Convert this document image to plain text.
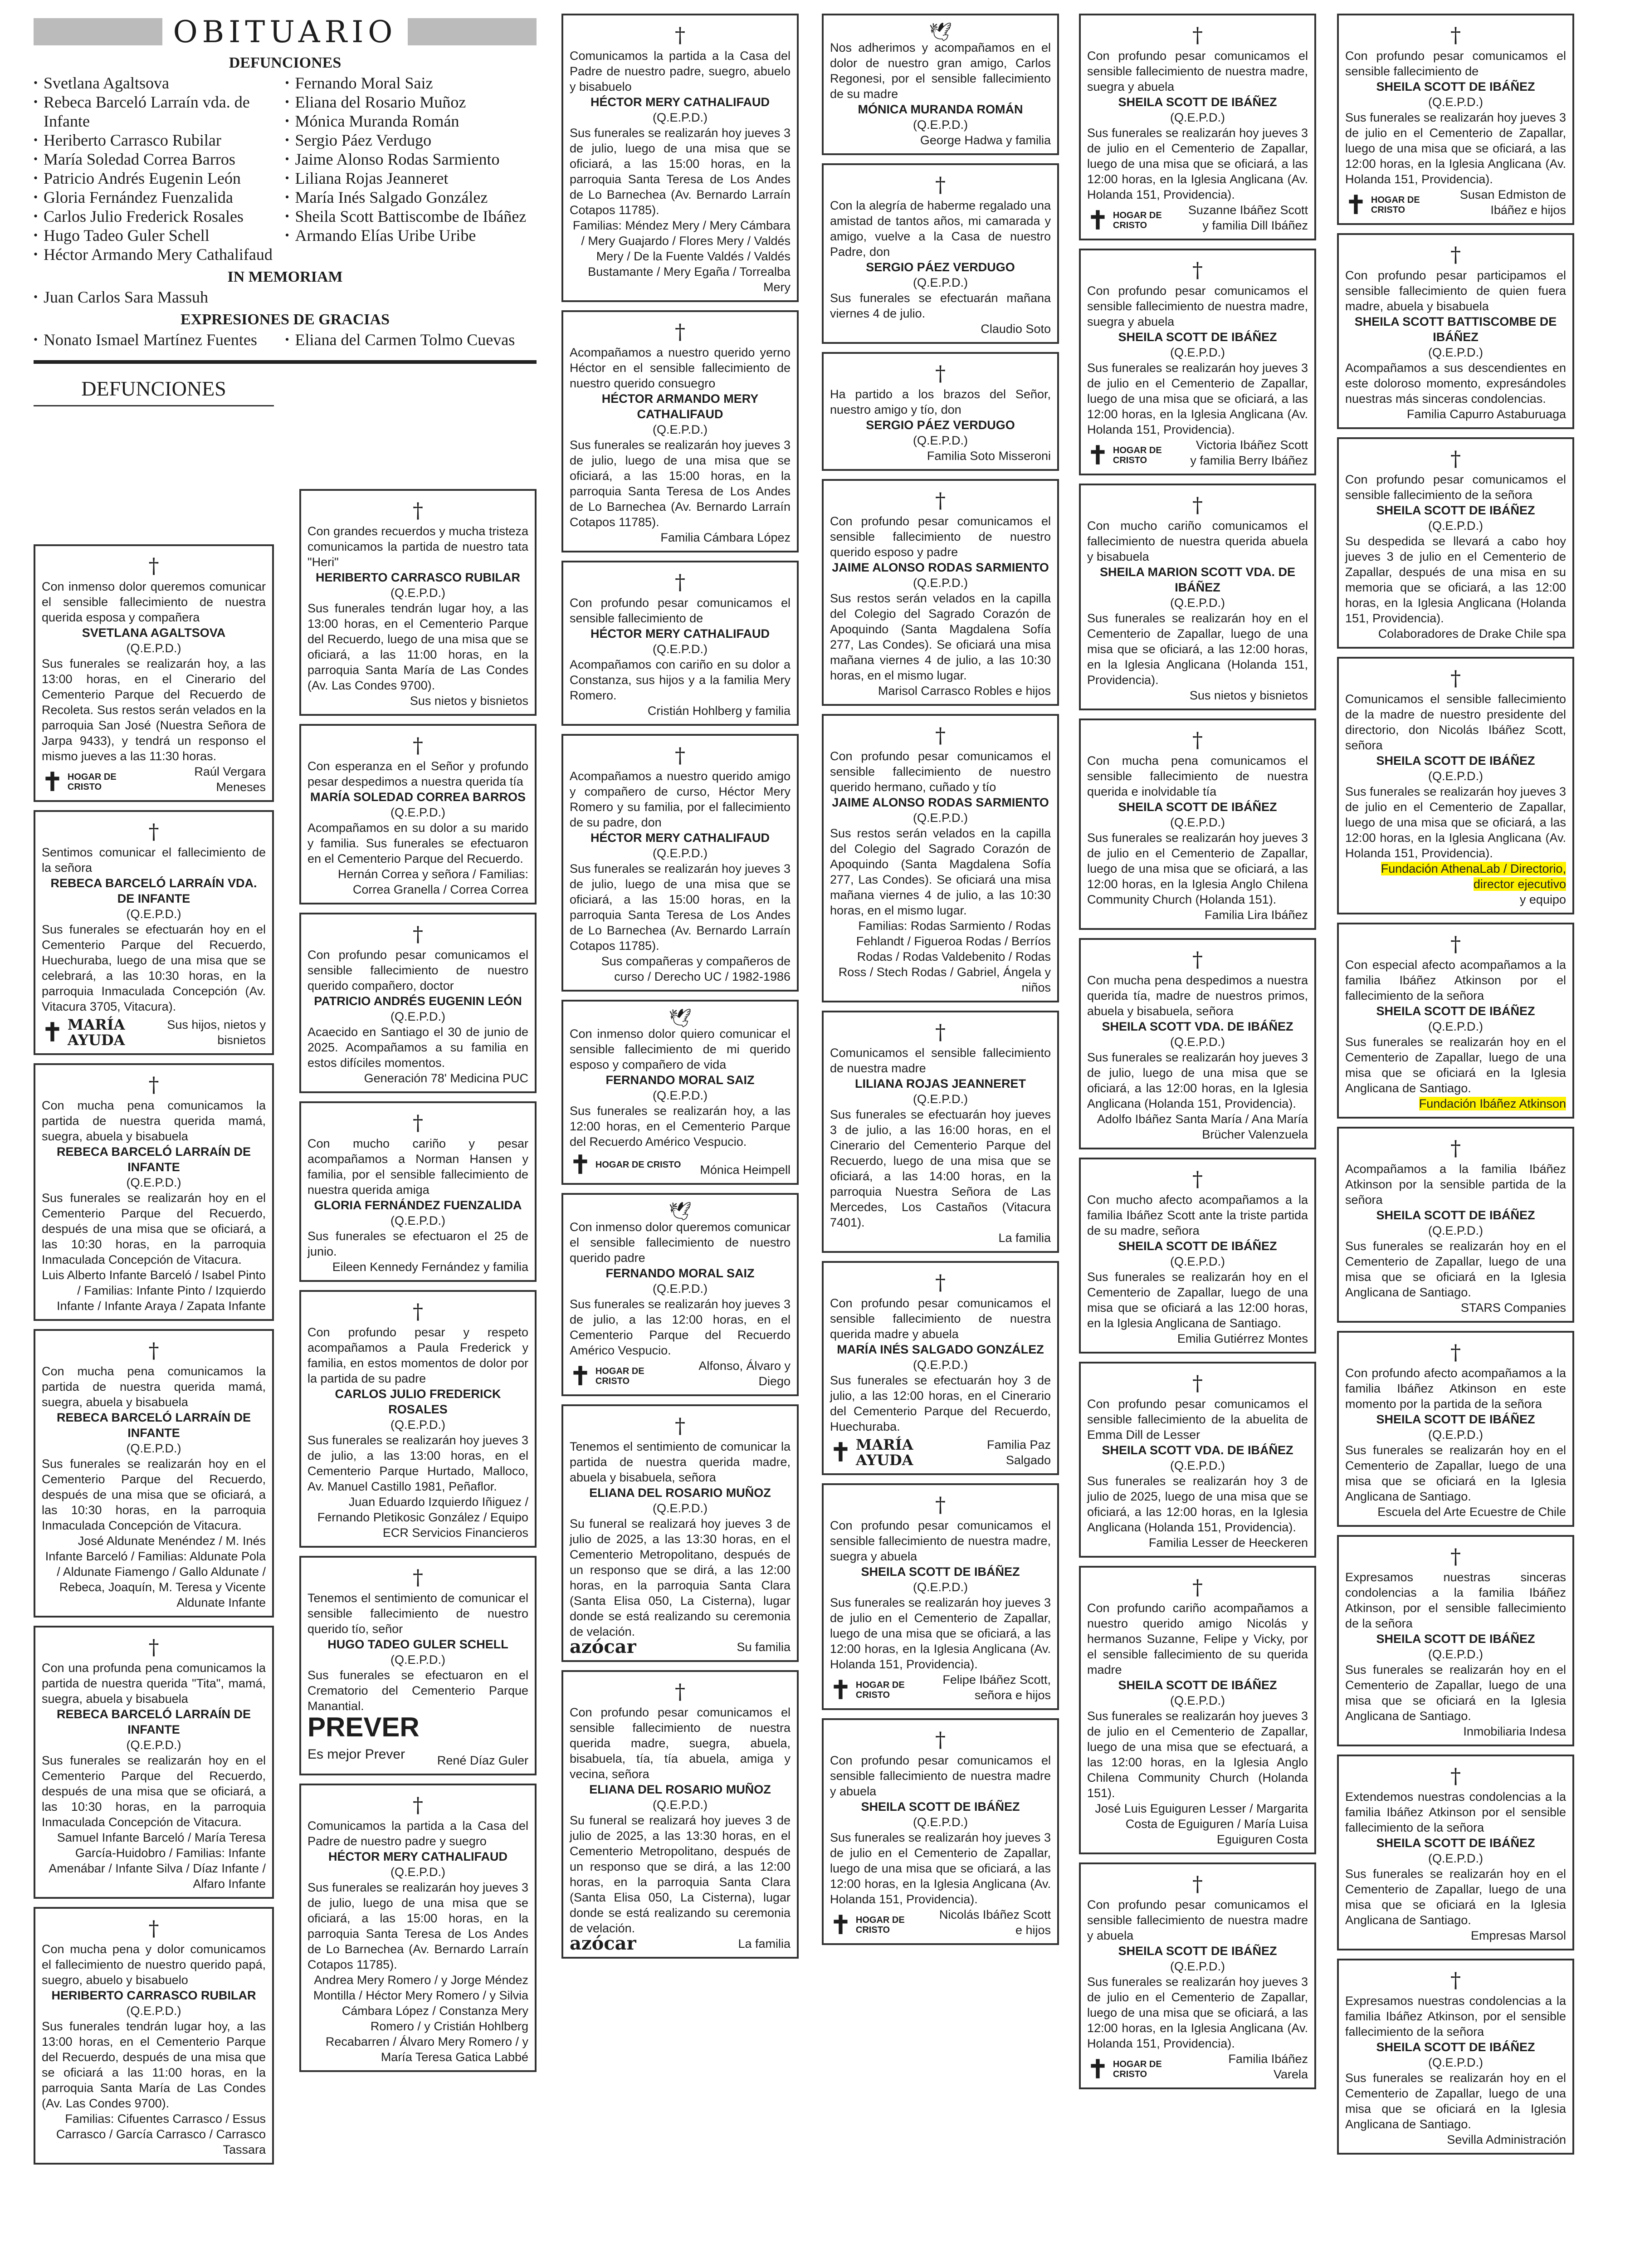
OBITUARIO
DEFUNCIONES
• Svetlana Agaltsova
• Rebeca Barceló Larraín vda. de Infante
• Heriberto Carrasco Rubilar
• María Soledad Correa Barros
• Patricio Andrés Eugenin León
• Gloria Fernández Fuenzalida
• Carlos Julio Frederick Rosales
• Hugo Tadeo Guler Schell
• Héctor Armando Mery Cathalifaud
• Fernando Moral Saiz
• Eliana del Rosario Muñoz
• Mónica Muranda Román
• Sergio Páez Verdugo
• Jaime Alonso Rodas Sarmiento
• Liliana Rojas Jeanneret
• María Inés Salgado González
• Sheila Scott Battiscombe de Ibáñez
• Armando Elías Uribe Uribe
IN MEMORIAM
• Juan Carlos Sara Massuh
EXPRESIONES DE GRACIAS
• Nonato Ismael Martínez Fuentes	• Eliana del Carmen Tolmo Cuevas
DEFUNCIONES
†
Con inmenso dolor queremos comunicar el sensible fallecimiento de nuestra querida esposa y compañera
SVETLANA AGALTSOVA
(Q.E.P.D.)
Sus funerales se realizarán hoy, a las 13:00 horas, en el Cinerario del Cementerio Parque del Recuerdo de Recoleta. Sus restos serán velados en la parroquia San José (Nuestra Señora de Jarpa 9433), y tendrá un responso el mismo jueves a las 11:30 horas.
✝ HOGAR DE CRISTO
Raúl Vergara Meneses
†
Sentimos comunicar el fallecimiento de la señora
REBECA BARCELÓ LARRAÍN VDA. DE INFANTE
(Q.E.P.D.)
Sus funerales se efectuarán hoy en el Cementerio Parque del Recuerdo, Huechuraba, luego de una misa que se celebrará, a las 10:30 horas, en la parroquia Inmaculada Concepción (Av. Vitacura 3705, Vitacura).
✝ MARÍA AYUDA
Sus hijos, nietos y bisnietos
†
Con mucha pena comunicamos la partida de nuestra querida mamá, suegra, abuela y bisabuela
REBECA BARCELÓ LARRAÍN DE INFANTE
(Q.E.P.D.)
Sus funerales se realizarán hoy en el Cementerio Parque del Recuerdo, después de una misa que se oficiará, a las 10:30 horas, en la parroquia Inmaculada Concepción de Vitacura.
Luis Alberto Infante Barceló / Isabel Pinto / Familias: Infante Pinto / Izquierdo Infante / Infante Araya / Zapata Infante
†
Con mucha pena comunicamos la partida de nuestra querida mamá, suegra, abuela y bisabuela
REBECA BARCELÓ LARRAÍN DE INFANTE
(Q.E.P.D.)
Sus funerales se realizarán hoy en el Cementerio Parque del Recuerdo, después de una misa que se oficiará, a las 10:30 horas, en la parroquia Inmaculada Concepción de Vitacura.
José Aldunate Menéndez / M. Inés Infante Barceló / Familias: Aldunate Pola / Aldunate Fiamengo / Gallo Aldunate / Rebeca, Joaquín, M. Teresa y Vicente Aldunate Infante
†
Con una profunda pena comunicamos la partida de nuestra querida "Tita", mamá, suegra, abuela y bisabuela
REBECA BARCELÓ LARRAÍN DE INFANTE
(Q.E.P.D.)
Sus funerales se realizarán hoy en el Cementerio Parque del Recuerdo, después de una misa que se oficiará, a las 10:30 horas, en la parroquia Inmaculada Concepción de Vitacura.
Samuel Infante Barceló / María Teresa García-Huidobro / Familias: Infante Amenábar / Infante Silva / Díaz Infante / Alfaro Infante
†
Con mucha pena y dolor comunicamos el fallecimiento de nuestro querido papá, suegro, abuelo y bisabuelo
HERIBERTO CARRASCO RUBILAR
(Q.E.P.D.)
Sus funerales tendrán lugar hoy, a las 13:00 horas, en el Cementerio Parque del Recuerdo, después de una misa que se oficiará a las 11:00 horas, en la parroquia Santa María de Las Condes (Av. Las Condes 9700).
Familias: Cifuentes Carrasco / Essus Carrasco / García Carrasco / Carrasco Tassara
†
Con grandes recuerdos y mucha tristeza comunicamos la partida de nuestro tata "Heri"
HERIBERTO CARRASCO RUBILAR
(Q.E.P.D.)
Sus funerales tendrán lugar hoy, a las 13:00 horas, en el Cementerio Parque del Recuerdo, luego de una misa que se oficiará, a las 11:00 horas, en la parroquia Santa María de Las Condes (Av. Las Condes 9700).
Sus nietos y bisnietos
†
Con esperanza en el Señor y profundo pesar despedimos a nuestra querida tía
MARÍA SOLEDAD CORREA BARROS
(Q.E.P.D.)
Acompañamos en su dolor a su marido y familia. Sus funerales se efectuaron en el Cementerio Parque del Recuerdo.
Hernán Correa y señora / Familias: Correa Granella / Correa Correa
†
Con profundo pesar comunicamos el sensible fallecimiento de nuestro querido compañero, doctor
PATRICIO ANDRÉS EUGENIN LEÓN
(Q.E.P.D.)
Acaecido en Santiago el 30 de junio de 2025. Acompañamos a su familia en estos difíciles momentos.
Generación 78' Medicina PUC
†
Con mucho cariño y pesar acompañamos a Norman Hansen y familia, por el sensible fallecimiento de nuestra querida amiga
GLORIA FERNÁNDEZ FUENZALIDA
(Q.E.P.D.)
Sus funerales se efectuaron el 25 de junio.
Eileen Kennedy Fernández y familia
†
Con profundo pesar y respeto acompañamos a Paula Frederick y familia, en estos momentos de dolor por la partida de su padre
CARLOS JULIO FREDERICK ROSALES
(Q.E.P.D.)
Sus funerales se realizarán hoy jueves 3 de julio, a las 13:00 horas, en el Cementerio Parque Hurtado, Malloco, Av. Manuel Castillo 1981, Peñaflor.
Juan Eduardo Izquierdo Iñiguez / Fernando Pletikosic González / Equipo ECR Servicios Financieros
†
Tenemos el sentimiento de comunicar el sensible fallecimiento de nuestro querido tío, señor
HUGO TADEO GULER SCHELL
(Q.E.P.D.)
Sus funerales se efectuaron en el Crematorio del Cementerio Parque Manantial.
PREVER
Es mejor Prever	René Díaz Guler
†
Comunicamos la partida a la Casa del Padre de nuestro padre y suegro
HÉCTOR MERY CATHALIFAUD
(Q.E.P.D.)
Sus funerales se realizarán hoy jueves 3 de julio, luego de una misa que se oficiará, a las 15:00 horas, en la parroquia Santa Teresa de Los Andes de Lo Barnechea (Av. Bernardo Larraín Cotapos 11785).
Andrea Mery Romero / y Jorge Méndez Montilla / Héctor Mery Romero / y Silvia Cámbara López / Constanza Mery Romero / y Cristián Hohlberg Recabarren / Álvaro Mery Romero / y María Teresa Gatica Labbé
†
Comunicamos la partida a la Casa del Padre de nuestro padre, suegro, abuelo y bisabuelo
HÉCTOR MERY CATHALIFAUD
(Q.E.P.D.)
Sus funerales se realizarán hoy jueves 3 de julio, luego de una misa que se oficiará, a las 15:00 horas, en la parroquia Santa Teresa de Los Andes de Lo Barnechea (Av. Bernardo Larraín Cotapos 11785).
Familias: Méndez Mery / Mery Cámbara / Mery Guajardo / Flores Mery / Valdés Mery / De la Fuente Valdés / Valdés Bustamante / Mery Egaña / Torrealba Mery
†
Acompañamos a nuestro querido yerno Héctor en el sensible fallecimiento de nuestro querido consuegro
HÉCTOR ARMANDO MERY CATHALIFAUD
(Q.E.P.D.)
Sus funerales se realizarán hoy jueves 3 de julio, luego de una misa que se oficiará, a las 15:00 horas, en la parroquia Santa Teresa de Los Andes de Lo Barnechea (Av. Bernardo Larraín Cotapos 11785).
Familia Cámbara López
†
Con profundo pesar comunicamos el sensible fallecimiento de
HÉCTOR MERY CATHALIFAUD
(Q.E.P.D.)
Acompañamos con cariño en su dolor a Constanza, sus hijos y a la familia Mery Romero.
Cristián Hohlberg y familia
†
Acompañamos a nuestro querido amigo y compañero de curso, Héctor Mery Romero y su familia, por el fallecimiento de su padre, don
HÉCTOR MERY CATHALIFAUD
(Q.E.P.D.)
Sus funerales se realizarán hoy jueves 3 de julio, luego de una misa que se oficiará, a las 15:00 horas, en la parroquia Santa Teresa de Los Andes de Lo Barnechea (Av. Bernardo Larraín Cotapos 11785).
Sus compañeras y compañeros de curso / Derecho UC / 1982-1986
🕊
Con inmenso dolor quiero comunicar el sensible fallecimiento de mi querido esposo y compañero de vida
FERNANDO MORAL SAIZ
(Q.E.P.D.)
Sus funerales se realizarán hoy, a las 12:00 horas, en el Cementerio Parque del Recuerdo Américo Vespucio.
✝ HOGAR DE CRISTO Mónica Heimpell
🕊
Con inmenso dolor queremos comunicar el sensible fallecimiento de nuestro querido padre
FERNANDO MORAL SAIZ
(Q.E.P.D.)
Sus funerales se realizarán hoy jueves 3 de julio, a las 12:00 horas, en el Cementerio Parque del Recuerdo Américo Vespucio.
✝ HOGAR DE CRISTO
Alfonso, Álvaro y Diego
†
Tenemos el sentimiento de comunicar la partida de nuestra querida madre, abuela y bisabuela, señora
ELIANA DEL ROSARIO MUÑOZ
(Q.E.P.D.)
Su funeral se realizará hoy jueves 3 de julio de 2025, a las 13:30 horas, en el Cementerio Metropolitano, después de un responso que se dirá, a las 12:00 horas, en la parroquia Santa Clara (Santa Elisa 050, La Cisterna), lugar donde se está realizando su ceremonia de velación.
azócar	Su familia
†
Con profundo pesar comunicamos el sensible fallecimiento de nuestra querida madre, suegra, abuela, bisabuela, tía, tía abuela, amiga y vecina, señora
ELIANA DEL ROSARIO MUÑOZ
(Q.E.P.D.)
Su funeral se realizará hoy jueves 3 de julio de 2025, a las 13:30 horas, en el Cementerio Metropolitano, después de un responso que se dirá, a las 12:00 horas, en la parroquia Santa Clara (Santa Elisa 050, La Cisterna), lugar donde se está realizando su ceremonia de velación.
azócar	La familia
🕊
Nos adherimos y acompañamos en el dolor de nuestro gran amigo, Carlos Regonesi, por el sensible fallecimiento de su madre
MÓNICA MURANDA ROMÁN
(Q.E.P.D.)
George Hadwa y familia
†
Con la alegría de haberme regalado una amistad de tantos años, mi camarada y amigo, vuelve a la Casa de nuestro Padre, don
SERGIO PÁEZ VERDUGO
(Q.E.P.D.)
Sus funerales se efectuarán mañana viernes 4 de julio.
Claudio Soto
†
Ha partido a los brazos del Señor, nuestro amigo y tío, don
SERGIO PÁEZ VERDUGO
(Q.E.P.D.)
Familia Soto Misseroni
†
Con profundo pesar comunicamos el sensible fallecimiento de nuestro querido esposo y padre
JAIME ALONSO RODAS SARMIENTO
(Q.E.P.D.)
Sus restos serán velados en la capilla del Colegio del Sagrado Corazón de Apoquindo (Santa Magdalena Sofía 277, Las Condes). Se oficiará una misa mañana viernes 4 de julio, a las 10:30 horas, en el mismo lugar.
Marisol Carrasco Robles e hijos
†
Con profundo pesar comunicamos el sensible fallecimiento de nuestro querido hermano, cuñado y tío
JAIME ALONSO RODAS SARMIENTO
(Q.E.P.D.)
Sus restos serán velados en la capilla del Colegio del Sagrado Corazón de Apoquindo (Santa Magdalena Sofía 277, Las Condes). Se oficiará una misa mañana viernes 4 de julio, a las 10:30 horas, en el mismo lugar.
Familias: Rodas Sarmiento / Rodas Fehlandt / Figueroa Rodas / Berríos Rodas / Rodas Valdebenito / Rodas Ross / Stech Rodas / Gabriel, Ángela y niños
†
Comunicamos el sensible fallecimiento de nuestra madre
LILIANA ROJAS JEANNERET
(Q.E.P.D.)
Sus funerales se efectuarán hoy jueves 3 de julio, a las 16:00 horas, en el Cinerario del Cementerio Parque del Recuerdo, luego de una misa que se oficiará, a las 14:00 horas, en la parroquia Nuestra Señora de Las Mercedes, Los Castaños (Vitacura 7401).
La familia
†
Con profundo pesar comunicamos el sensible fallecimiento de nuestra querida madre y abuela
MARÍA INÉS SALGADO GONZÁLEZ
(Q.E.P.D.)
Sus funerales se efectuarán hoy 3 de julio, a las 12:00 horas, en el Cinerario del Cementerio Parque del Recuerdo, Huechuraba.
✝ MARÍA AYUDA
Familia Paz Salgado
†
Con profundo pesar comunicamos el sensible fallecimiento de nuestra madre, suegra y abuela
SHEILA SCOTT DE IBÁÑEZ
(Q.E.P.D.)
Sus funerales se realizarán hoy jueves 3 de julio en el Cementerio de Zapallar, luego de una misa que se oficiará, a las 12:00 horas, en la Iglesia Anglicana (Av. Holanda 151, Providencia).
✝ HOGAR DE CRISTO
Felipe Ibáñez Scott, señora e hijos
†
Con profundo pesar comunicamos el sensible fallecimiento de nuestra madre y abuela
SHEILA SCOTT DE IBÁÑEZ
(Q.E.P.D.)
Sus funerales se realizarán hoy jueves 3 de julio en el Cementerio de Zapallar, luego de una misa que se oficiará, a las 12:00 horas, en la Iglesia Anglicana (Av. Holanda 151, Providencia).
✝ HOGAR DE CRISTO
Nicolás Ibáñez Scott e hijos
†
Con profundo pesar comunicamos el sensible fallecimiento de nuestra madre, suegra y abuela
SHEILA SCOTT DE IBÁÑEZ
(Q.E.P.D.)
Sus funerales se realizarán hoy jueves 3 de julio en el Cementerio de Zapallar, luego de una misa que se oficiará, a las 12:00 horas, en la Iglesia Anglicana (Av. Holanda 151, Providencia).
✝ HOGAR DE CRISTO
Suzanne Ibáñez Scott y familia Dill Ibáñez
†
Con profundo pesar comunicamos el sensible fallecimiento de nuestra madre, suegra y abuela
SHEILA SCOTT DE IBÁÑEZ
(Q.E.P.D.)
Sus funerales se realizarán hoy jueves 3 de julio en el Cementerio de Zapallar, luego de una misa que se oficiará, a las 12:00 horas, en la Iglesia Anglicana (Av. Holanda 151, Providencia).
✝ HOGAR DE CRISTO
Victoria Ibáñez Scott y familia Berry Ibáñez
†
Con mucho cariño comunicamos el fallecimiento de nuestra querida abuela y bisabuela
SHEILA MARION SCOTT VDA. DE IBÁÑEZ
(Q.E.P.D.)
Sus funerales se realizarán hoy en el Cementerio de Zapallar, luego de una misa que se oficiará, a las 12:00 horas, en la Iglesia Anglicana (Holanda 151, Providencia).
Sus nietos y bisnietos
†
Con mucha pena comunicamos el sensible fallecimiento de nuestra querida e inolvidable tía
SHEILA SCOTT DE IBÁÑEZ
(Q.E.P.D.)
Sus funerales se realizarán hoy jueves 3 de julio en el Cementerio de Zapallar, luego de una misa que se oficiará, a las 12:00 horas, en la Iglesia Anglo Chilena Community Church (Holanda 151).
Familia Lira Ibáñez
†
Con mucha pena despedimos a nuestra querida tía, madre de nuestros primos, abuela y bisabuela, señora
SHEILA SCOTT VDA. DE IBÁÑEZ
(Q.E.P.D.)
Sus funerales se realizarán hoy jueves 3 de julio, luego de una misa que se oficiará, a las 12:00 horas, en la Iglesia Anglicana (Holanda 151, Providencia).
Adolfo Ibáñez Santa María / Ana María Brücher Valenzuela
†
Con mucho afecto acompañamos a la familia Ibáñez Scott ante la triste partida de su madre, señora
SHEILA SCOTT DE IBÁÑEZ
(Q.E.P.D.)
Sus funerales se realizarán hoy en el Cementerio de Zapallar, luego de una misa que se oficiará a las 12:00 horas, en la Iglesia Anglicana de Santiago.
Emilia Gutiérrez Montes
†
Con profundo pesar comunicamos el sensible fallecimiento de la abuelita de Emma Dill de Lesser
SHEILA SCOTT VDA. DE IBÁÑEZ
(Q.E.P.D.)
Sus funerales se realizarán hoy 3 de julio de 2025, luego de una misa que se oficiará, a las 12:00 horas, en la Iglesia Anglicana (Holanda 151, Providencia).
Familia Lesser de Heeckeren
†
Con profundo cariño acompañamos a nuestro querido amigo Nicolás y hermanos Suzanne, Felipe y Vicky, por el sensible fallecimiento de su querida madre
SHEILA SCOTT DE IBÁÑEZ
(Q.E.P.D.)
Sus funerales se realizarán hoy jueves 3 de julio en el Cementerio de Zapallar, luego de una misa que se efectuará, a las 12:00 horas, en la Iglesia Anglo Chilena Community Church (Holanda 151).
José Luis Eguiguren Lesser / Margarita Costa de Eguiguren / María Luisa Eguiguren Costa
†
Con profundo pesar comunicamos el sensible fallecimiento de nuestra madre y abuela
SHEILA SCOTT DE IBÁÑEZ
(Q.E.P.D.)
Sus funerales se realizarán hoy jueves 3 de julio en el Cementerio de Zapallar, luego de una misa que se oficiará, a las 12:00 horas, en la Iglesia Anglicana (Av. Holanda 151, Providencia).
✝ HOGAR DE CRISTO
Familia Ibáñez Varela
†
Con profundo pesar comunicamos el sensible fallecimiento de
SHEILA SCOTT DE IBÁÑEZ
(Q.E.P.D.)
Sus funerales se realizarán hoy jueves 3 de julio en el Cementerio de Zapallar, luego de una misa que se oficiará, a las 12:00 horas, en la Iglesia Anglicana (Av. Holanda 151, Providencia).
✝ HOGAR DE CRISTO
Susan Edmiston de Ibáñez e hijos
†
Con profundo pesar participamos el sensible fallecimiento de quien fuera madre, abuela y bisabuela
SHEILA SCOTT BATTISCOMBE DE IBÁÑEZ
(Q.E.P.D.)
Acompañamos a sus descendientes en este doloroso momento, expresándoles nuestras más sinceras condolencias.
Familia Capurro Astaburuaga
†
Con profundo pesar comunicamos el sensible fallecimiento de la señora
SHEILA SCOTT DE IBÁÑEZ
(Q.E.P.D.)
Su despedida se llevará a cabo hoy jueves 3 de julio en el Cementerio de Zapallar, después de una misa en su memoria que se oficiará, a las 12:00 horas, en la Iglesia Anglicana (Holanda 151, Providencia).
Colaboradores de Drake Chile spa
†
Comunicamos el sensible fallecimiento de la madre de nuestro presidente del directorio, don Nicolás Ibáñez Scott, señora
SHEILA SCOTT DE IBÁÑEZ
(Q.E.P.D.)
Sus funerales se realizarán hoy jueves 3 de julio en el Cementerio de Zapallar, luego de una misa que se oficiará, a las 12:00 horas, en la Iglesia Anglicana (Av. Holanda 151, Providencia).
Fundación AthenaLab / Directorio, director ejecutivo
y equipo
†
Con especial afecto acompañamos a la familia Ibáñez Atkinson por el fallecimiento de la señora
SHEILA SCOTT DE IBÁÑEZ
(Q.E.P.D.)
Sus funerales se realizarán hoy en el Cementerio de Zapallar, luego de una misa que se oficiará en la Iglesia Anglicana de Santiago.
Fundación Ibáñez Atkinson
†
Acompañamos a la familia Ibáñez Atkinson por la sensible partida de la señora
SHEILA SCOTT DE IBÁÑEZ
(Q.E.P.D.)
Sus funerales se realizarán hoy en el Cementerio de Zapallar, luego de una misa que se oficiará en la Iglesia Anglicana de Santiago.
STARS Companies
†
Con profundo afecto acompañamos a la familia Ibáñez Atkinson en este momento por la partida de la señora
SHEILA SCOTT DE IBÁÑEZ
(Q.E.P.D.)
Sus funerales se realizarán hoy en el Cementerio de Zapallar, luego de una misa que se oficiará en la Iglesia Anglicana de Santiago.
Escuela del Arte Ecuestre de Chile
†
Expresamos nuestras sinceras condolencias a la familia Ibáñez Atkinson, por el sensible fallecimiento de la señora
SHEILA SCOTT DE IBÁÑEZ
(Q.E.P.D.)
Sus funerales se realizarán hoy en el Cementerio de Zapallar, luego de una misa que se oficiará en la Iglesia Anglicana de Santiago.
Inmobiliaria Indesa
†
Extendemos nuestras condolencias a la familia Ibáñez Atkinson por el sensible fallecimiento de la señora
SHEILA SCOTT DE IBÁÑEZ
(Q.E.P.D.)
Sus funerales se realizarán hoy en el Cementerio de Zapallar, luego de una misa que se oficiará en la Iglesia Anglicana de Santiago.
Empresas Marsol
†
Expresamos nuestras condolencias a la familia Ibáñez Atkinson, por el sensible fallecimiento de la señora
SHEILA SCOTT DE IBÁÑEZ
(Q.E.P.D.)
Sus funerales se realizarán hoy en el Cementerio de Zapallar, luego de una misa que se oficiará en la Iglesia Anglicana de Santiago.
Sevilla Administración
